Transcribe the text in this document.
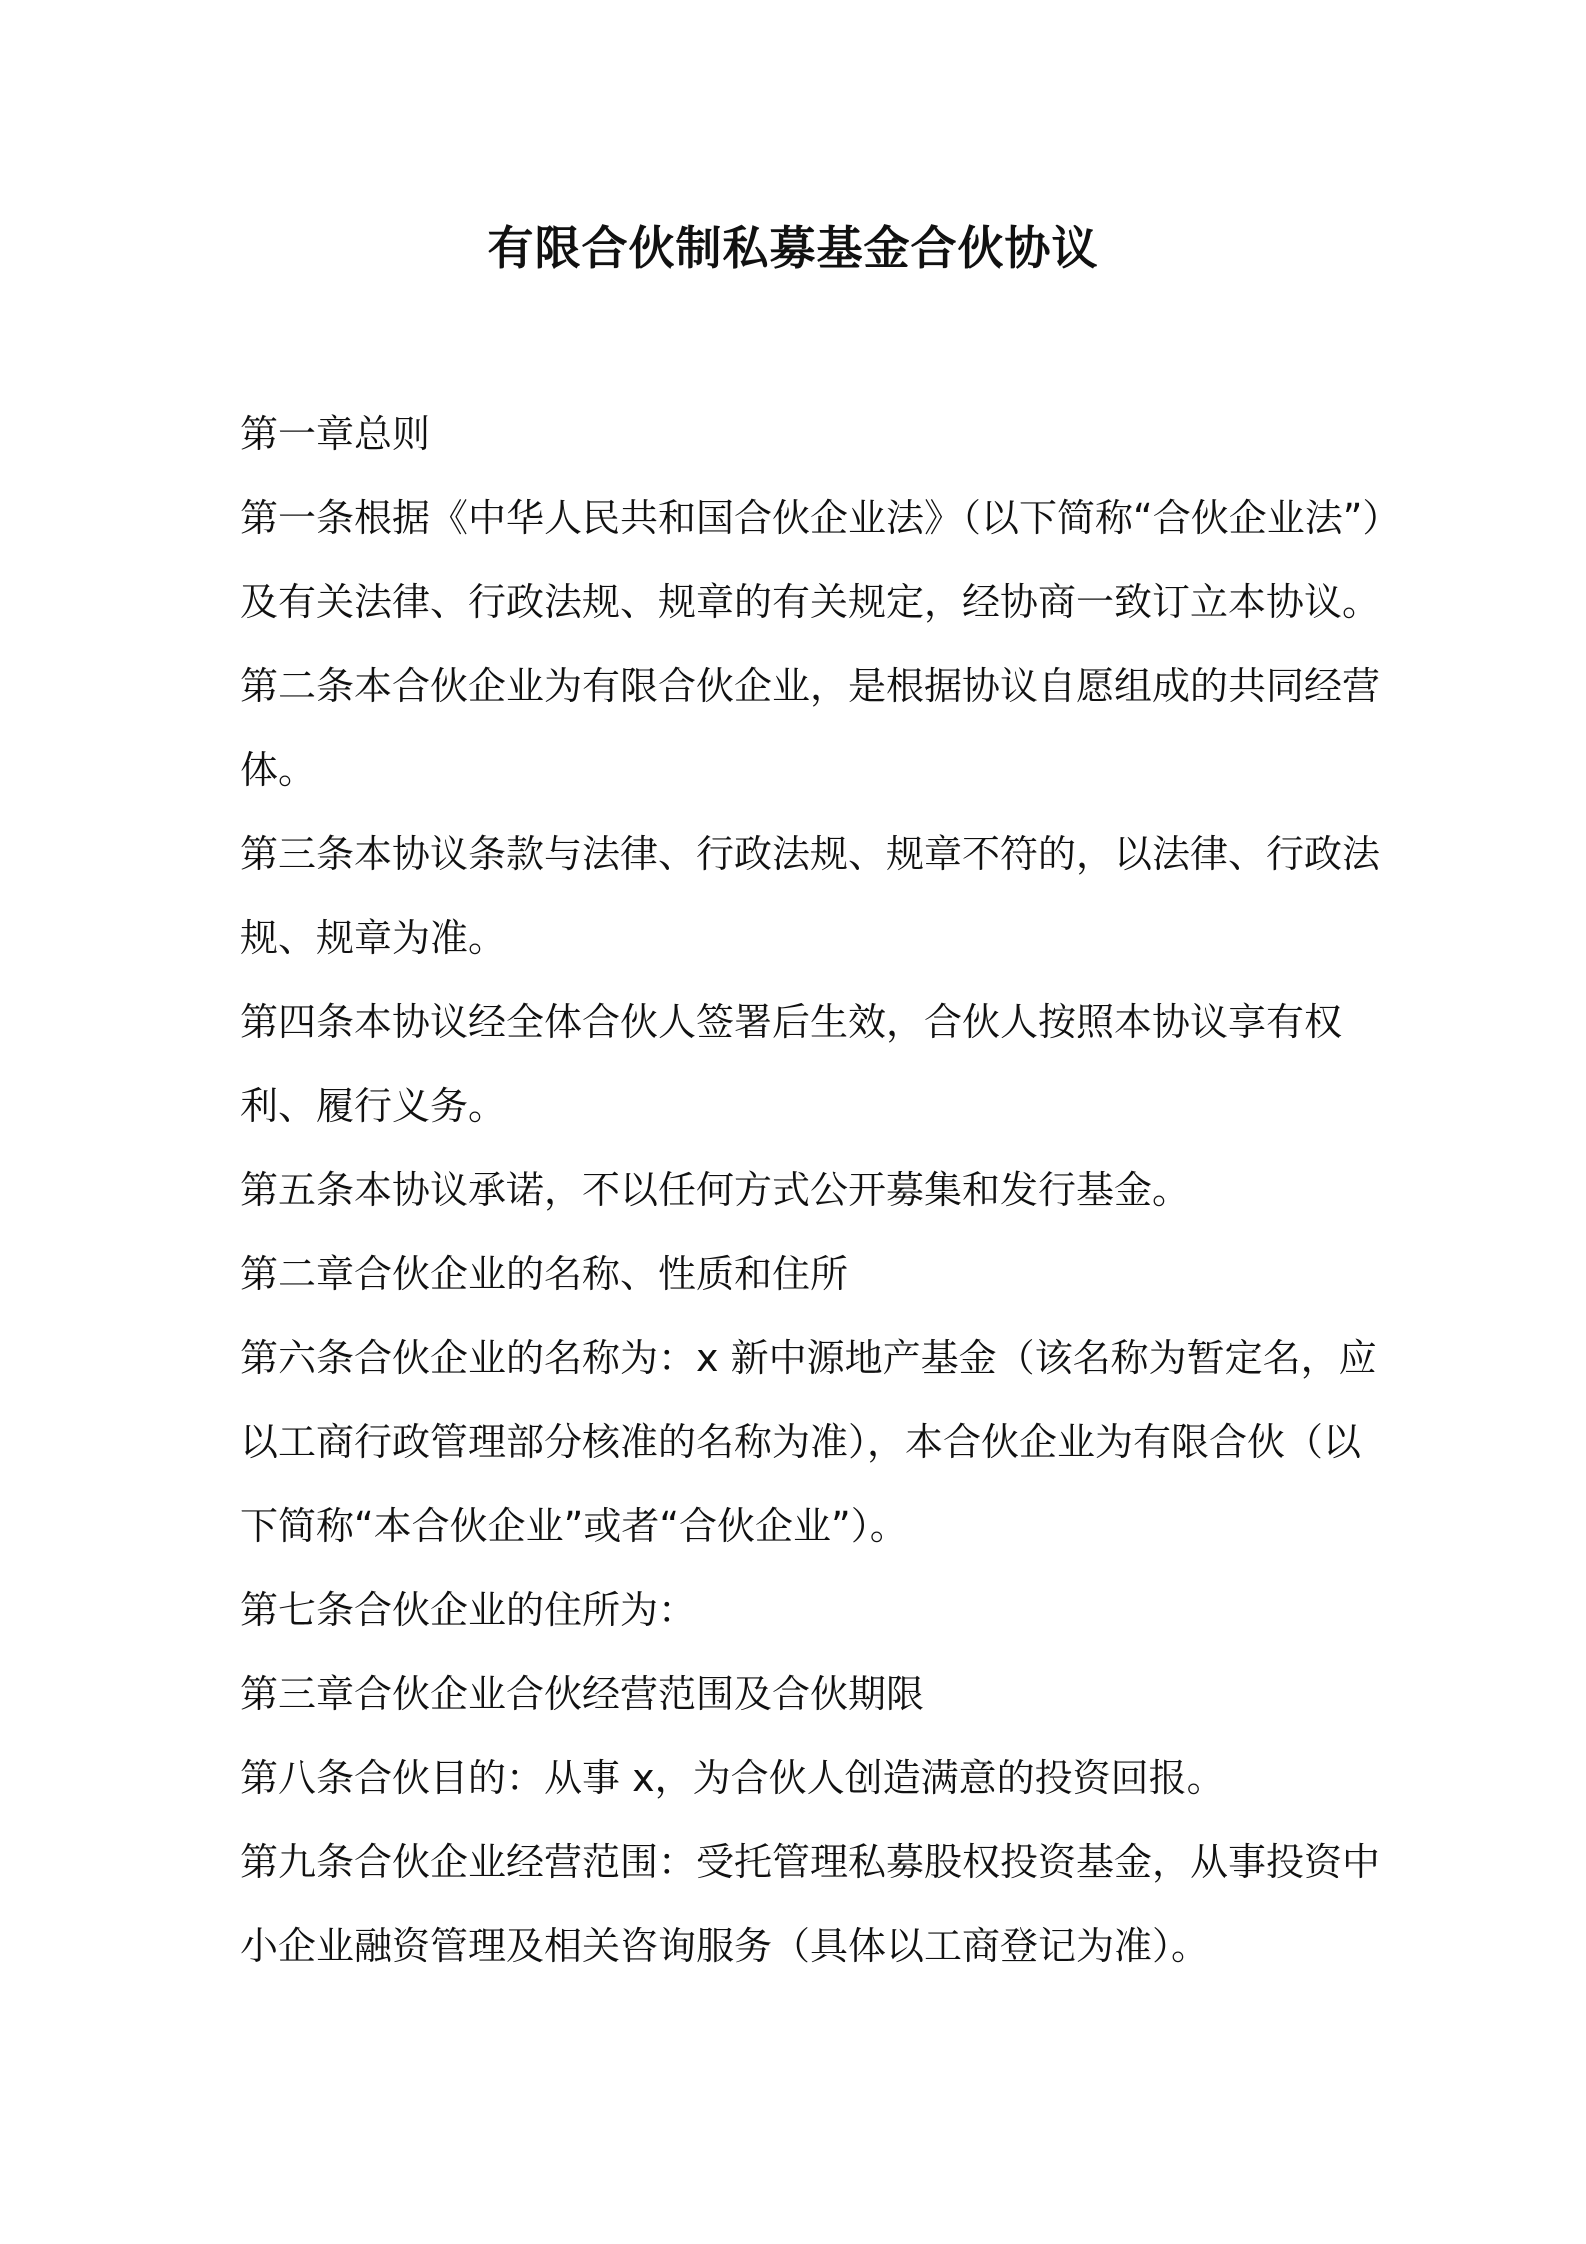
有限合伙制私募基金合伙协议

第一章总则

第一条根据《中华人民共和国合伙企业法》（以下简称“合伙企业法”）

及有关法律、行政法规、规章的有关规定，经协商一致订立本协议。

第二条本合伙企业为有限合伙企业，是根据协议自愿组成的共同经营

体。

第三条本协议条款与法律、行政法规、规章不符的，以法律、行政法

规、规章为准。

第四条本协议经全体合伙人签署后生效，合伙人按照本协议享有权

利、履行义务。

第五条本协议承诺，不以任何方式公开募集和发行基金。

第二章合伙企业的名称、性质和住所

第六条合伙企业的名称为：x 新中源地产基金（该名称为暂定名，应

以工商行政管理部分核准的名称为准），本合伙企业为有限合伙（以

下简称“本合伙企业”或者“合伙企业”）。

第七条合伙企业的住所为：

第三章合伙企业合伙经营范围及合伙期限

第八条合伙目的：从事 x，为合伙人创造满意的投资回报。

第九条合伙企业经营范围：受托管理私募股权投资基金，从事投资中

小企业融资管理及相关咨询服务（具体以工商登记为准）。
